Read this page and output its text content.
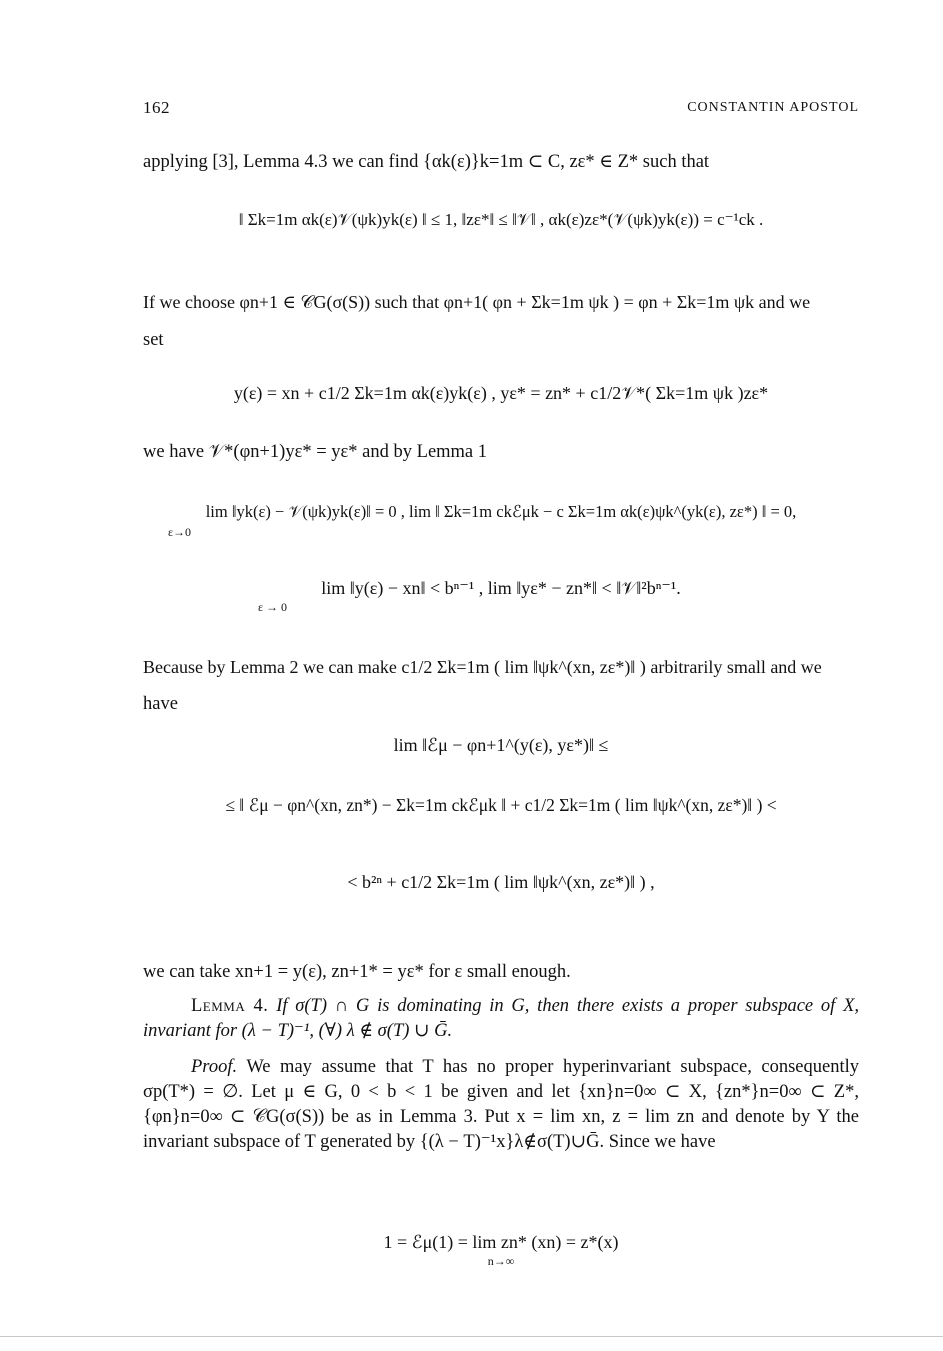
162	CONSTANTIN APOSTOL

applying [3], Lemma 4.3 we can find {αk(ε)}k=1m ⊂ C, zε* ∈ Z* such that

‖ Σk=1m αk(ε)𝒱(ψk)yk(ε) ‖ ≤ 1, ‖zε*‖ ≤ ‖𝒱‖ , αk(ε)zε*(𝒱(ψk)yk(ε)) = c⁻¹ck .

If we choose φn+1 ∈ 𝒞G(σ(S)) such that φn+1( φn + Σk=1m ψk ) = φn + Σk=1m ψk and we

set

y(ε) = xn + c1/2 Σk=1m αk(ε)yk(ε) , yε* = zn* + c1/2𝒱*( Σk=1m ψk )zε*

we have 𝒱*(φn+1)yε* = yε* and by Lemma 1

lim ‖yk(ε) − 𝒱(ψk)yk(ε)‖ = 0 , lim ‖ Σk=1m ckℰμk − c Σk=1m αk(ε)ψk^(yk(ε), zε*) ‖ = 0,

ε→0

lim ‖y(ε) − xn‖ < bⁿ⁻¹ , lim ‖yε* − zn*‖ < ‖𝒱‖²bⁿ⁻¹.

ε → 0

Because by Lemma 2 we can make c1/2 Σk=1m ( lim ‖ψk^(xn, zε*)‖ ) arbitrarily small and we

have

lim ‖ℰμ − φn+1^(y(ε), yε*)‖ ≤

≤ ‖ ℰμ − φn^(xn, zn*) − Σk=1m ckℰμk ‖ + c1/2 Σk=1m ( lim ‖ψk^(xn, zε*)‖ ) <

< b²ⁿ + c1/2 Σk=1m ( lim ‖ψk^(xn, zε*)‖ ) ,

we can take xn+1 = y(ε), zn+1* = yε* for ε small enough.

Lemma 4. If σ(T) ∩ G is dominating in G, then there exists a proper subspace of X, invariant for (λ − T)⁻¹, (∀) λ ∉ σ(T) ∪ Ḡ.

Proof. We may assume that T has no proper hyperinvariant subspace, consequently σp(T*) = ∅. Let μ ∈ G, 0 < b < 1 be given and let {xn}n=0∞ ⊂ X, {zn*}n=0∞ ⊂ Z*, {φn}n=0∞ ⊂ 𝒞G(σ(S)) be as in Lemma 3. Put x = lim xn, z = lim zn and denote by Y the invariant subspace of T generated by {(λ − T)⁻¹x}λ∉σ(T)∪Ḡ. Since we have

1 = ℰμ(1) = lim zn* (xn) = z*(x)

n→∞
